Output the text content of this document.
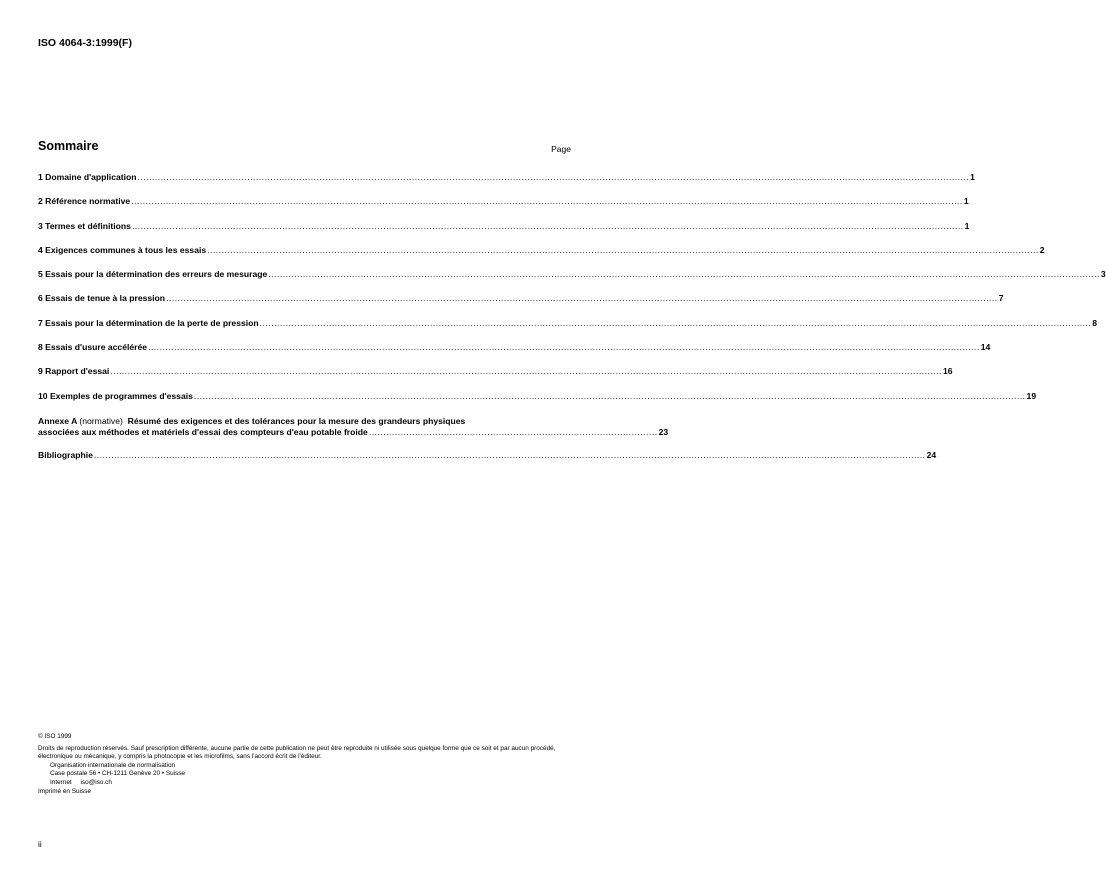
ISO 4064-3:1999(F)
Sommaire	Page
1 Domaine d'application .....	1
2 Référence normative .....	1
3 Termes et définitions .....	1
4 Exigences communes à tous les essais .....	2
5 Essais pour la détermination des erreurs de mesurage .....	3
6 Essais de tenue à la pression .....	7
7 Essais pour la détermination de la perte de pression .....	8
8 Essais d'usure accélérée .....	14
9 Rapport d'essai .....	16
10 Exemples de programmes d'essais .....	19
Annexe A (normative) Résumé des exigences et des tolérances pour la mesure des grandeurs physiques
associées aux méthodes et matériels d'essai des compteurs d'eau potable froide .................................................................................................... 23
Bibliographie .....	24
© ISO 1999
Droits de reproduction réservés. Sauf prescription différente, aucune partie de cette publication ne peut être reproduite ni utilisée sous quelque forme que ce soit et par aucun procédé, électronique ou mécanique, y compris la photocopie et les microfilms, sans l'accord écrit de l'éditeur.
Organisation internationale de normalisation
Case postale 56 • CH-1211 Genève 20 • Suisse
Internet     iso@iso.ch
Imprimé en Suisse
ii
